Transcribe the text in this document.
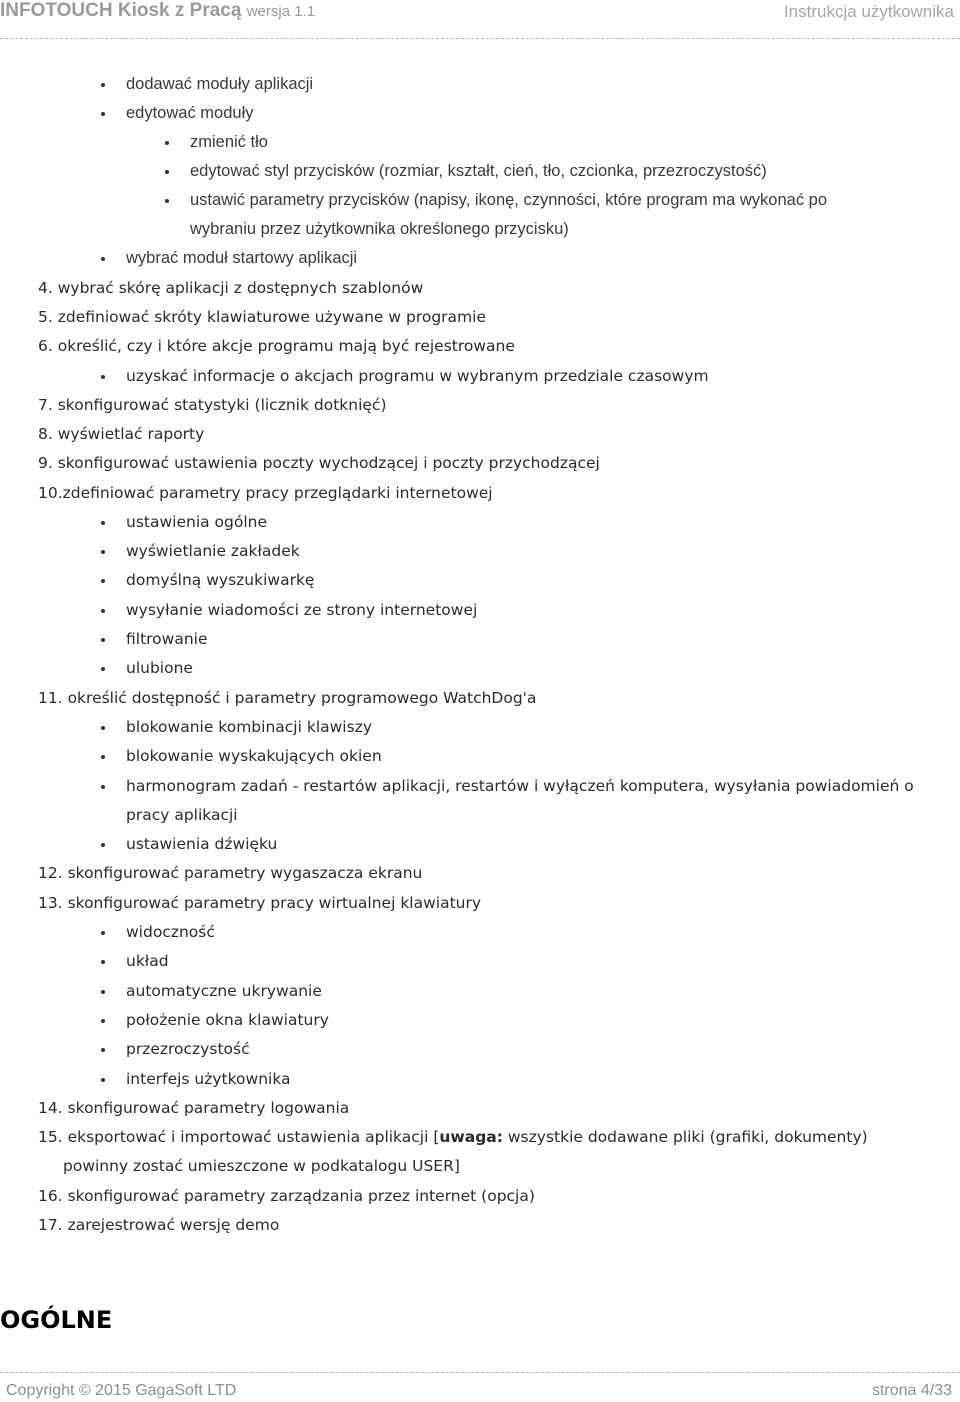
INFOTOUCH Kiosk z Pracą wersja 1.1	Instrukcja użytkownika
dodawać moduły aplikacji
edytować moduły
zmienić tło
edytować styl przycisków (rozmiar, kształt, cień, tło, czcionka, przezroczystość)
ustawić parametry przycisków (napisy, ikonę, czynności, które program ma wykonać po
wybraniu przez użytkownika określonego przycisku)
wybrać moduł startowy aplikacji
4. wybrać skórę aplikacji z dostępnych szablonów
5. zdefiniować skróty klawiaturowe używane w programie
6. określić, czy i które akcje programu mają być rejestrowane
uzyskać informacje o akcjach programu w wybranym przedziale czasowym
7. skonfigurować statystyki (licznik dotknięć)
8. wyświetlać raporty
9. skonfigurować ustawienia poczty wychodzącej i poczty przychodzącej
10.zdefiniować parametry pracy przeglądarki internetowej
ustawienia ogólne
wyświetlanie zakładek
domyślną wyszukiwarkę
wysyłanie wiadomości ze strony internetowej
filtrowanie
ulubione
11. określić dostępność i parametry programowego WatchDog'a
blokowanie kombinacji klawiszy
blokowanie wyskakujących okien
harmonogram zadań - restartów aplikacji, restartów i wyłączeń komputera, wysyłania powiadomień o
pracy aplikacji
ustawienia dźwięku
12. skonfigurować parametry wygaszacza ekranu
13. skonfigurować parametry pracy wirtualnej klawiatury
widoczność
układ
automatyczne ukrywanie
położenie okna klawiatury
przezroczystość
interfejs użytkownika
14. skonfigurować parametry logowania
15. eksportować i importować ustawienia aplikacji [uwaga: wszystkie dodawane pliki (grafiki, dokumenty)
powinny zostać umieszczone w podkatalogu USER]
16. skonfigurować parametry zarządzania przez internet (opcja)
17. zarejestrować wersję demo
OGÓLNE
Copyright © 2015 GagaSoft LTD	strona 4/33
